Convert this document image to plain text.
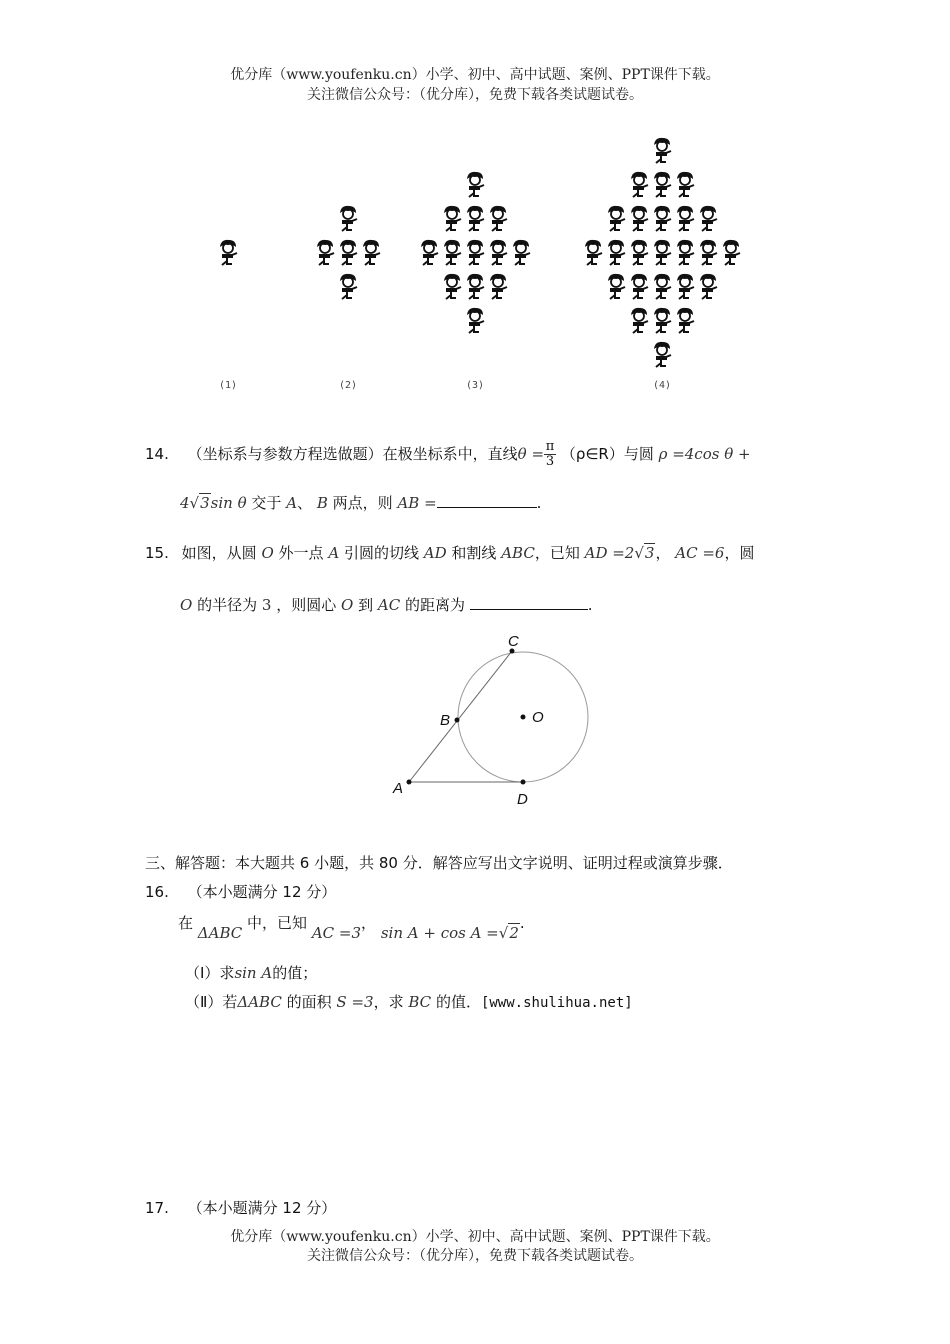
优分库（www.youfenku.cn）小学、初中、高中试题、案例、PPT课件下载。
关注微信公众号：（优分库），免费下载各类试题试卷。
(1)	(2)	(3)	(4)
14. （坐标系与参数方程选做题）在极坐标系中，直线$\theta = \frac{\pi}{3}$ （ρ∈R）与圆 ρ =4cos θ +
4√3sin θ 交于 A、 B 两点，则 AB =	.
15. 如图，从圆 O 外一点 A 引圆的切线 AD 和割线 ABC，已知 AD =2√3， AC =6，圆
O 的半径为 3 ，则圆心 O 到 AC 的距离为	.
C
B	O
A
D
三、解答题：本大题共 6 小题，共 80 分．解答应写出文字说明、证明过程或演算步骤．
16. （本小题满分 12 分）
在 ΔABC 中，已知 AC =3， sin A + cos A =√2.
（Ⅰ）求sin A的值；
（Ⅱ）若ΔABC 的面积 S =3，求 BC 的值．[www.shulihua.net]
17. （本小题满分 12 分）
优分库（www.youfenku.cn）小学、初中、高中试题、案例、PPT课件下载。
关注微信公众号：（优分库），免费下载各类试题试卷。
